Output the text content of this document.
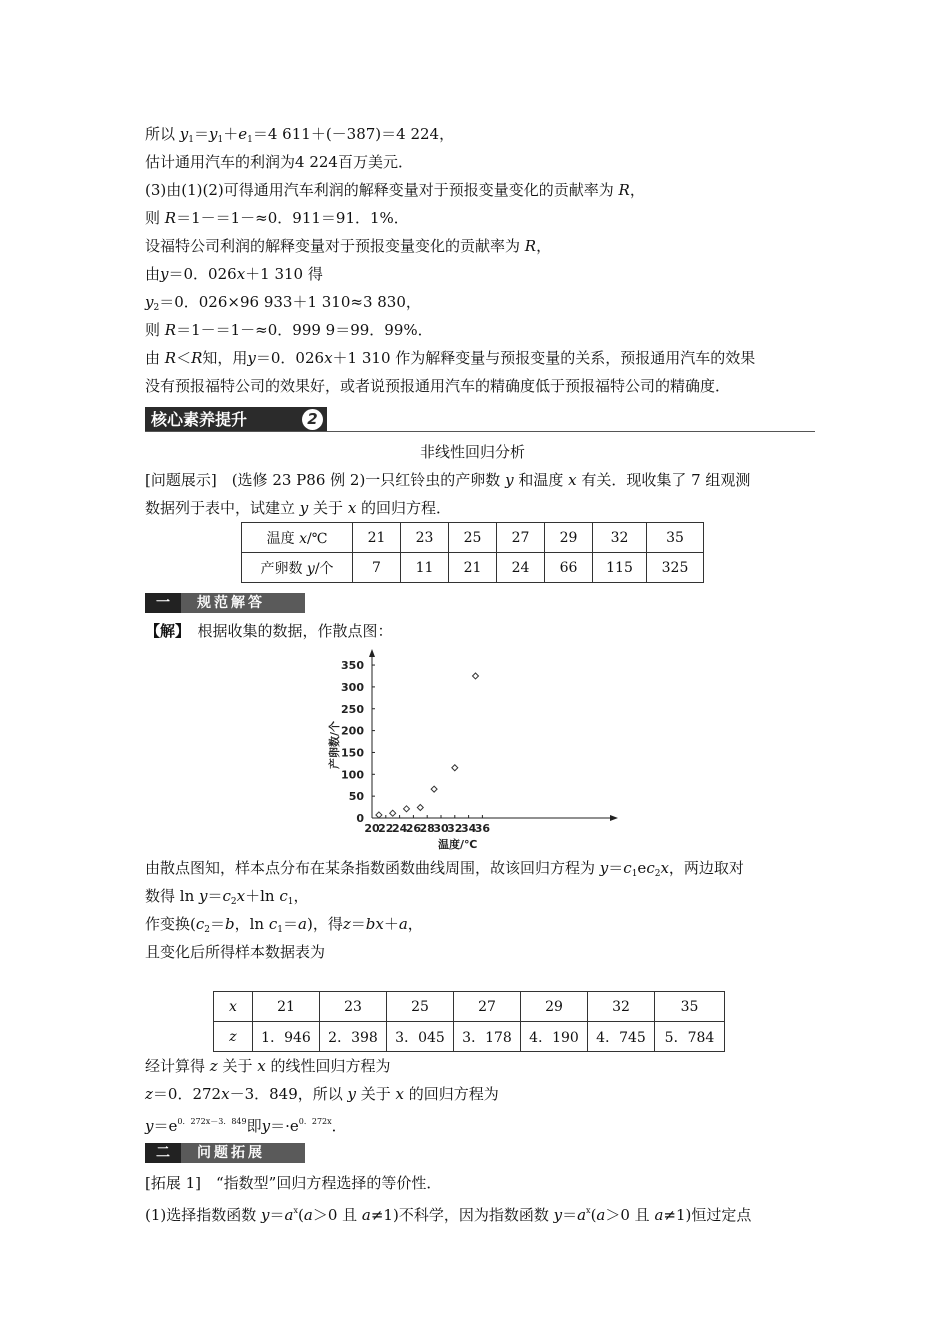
所以 $y_1=y_1+e_1=4$ 611＋(－387)＝4 224，
估计通用汽车的利润为4 224百万美元．
(3)由(1)(2)可得通用汽车利润的解释变量对于预报变量变化的贡献率为 R，
则 R＝1－＝1－≈0．911＝91．1%．
设福特公司利润的解释变量对于预报变量变化的贡献率为 R，
由y＝0．026x＋1 310 得
$y_2=0$．026×96 933＋1 310≈3 830，
则 R＝1－＝1－≈0．999 9＝99．99%．
由 R＜R知，用y＝0．026x＋1 310 作为解释变量与预报变量的关系，预报通用汽车的效果
没有预报福特公司的效果好，或者说预报通用汽车的精确度低于预报福特公司的精确度．
核心素养提升	2
非线性回归分析
[问题展示]　(选修 23 P86 例 2)一只红铃虫的产卵数 y 和温度 x 有关．现收集了 7 组观测
数据列于表中，试建立 y 关于 x 的回归方程．
温度 x/℃	21	23	25	27	29	32	35
产卵数 y/个	7	11	21	24	66	115	325
一	规范解答
【解】　根据收集的数据，作散点图：
0
50
100
150
200
250
300
350
20
22
24
26
28
30
32
34
36
温度/℃
产卵数/个
由散点图知，样本点分布在某条指数函数曲线周围，故该回归方程为 $y=c_1ec_2x$，两边取对
数得 $\ln y=c_2x+\ln$ $c_1$，
作变换($c_2=b$，$\ln c_1=a$)，得z＝bx＋a，
且变化后所得样本数据表为
x	21	23	25	27	29	32	35
z	1．946	2．398	3．045	3．178	4．190	4．745	5．784
经计算得 z 关于 x 的线性回归方程为
z＝0．272x－3．849，所以 y 关于 x 的回归方程为
$y=e^{0.272x-3.849}$即$y=\cdot e^{0.272x}$．
二	问题拓展
[拓展 1]　“指数型”回归方程选择的等价性．
(1)选择指数函数 $y=a^x(a>0$ 且 a≠1)不科学，因为指数函数 $y=a^x(a>0$ 且 a≠1)恒过定点
